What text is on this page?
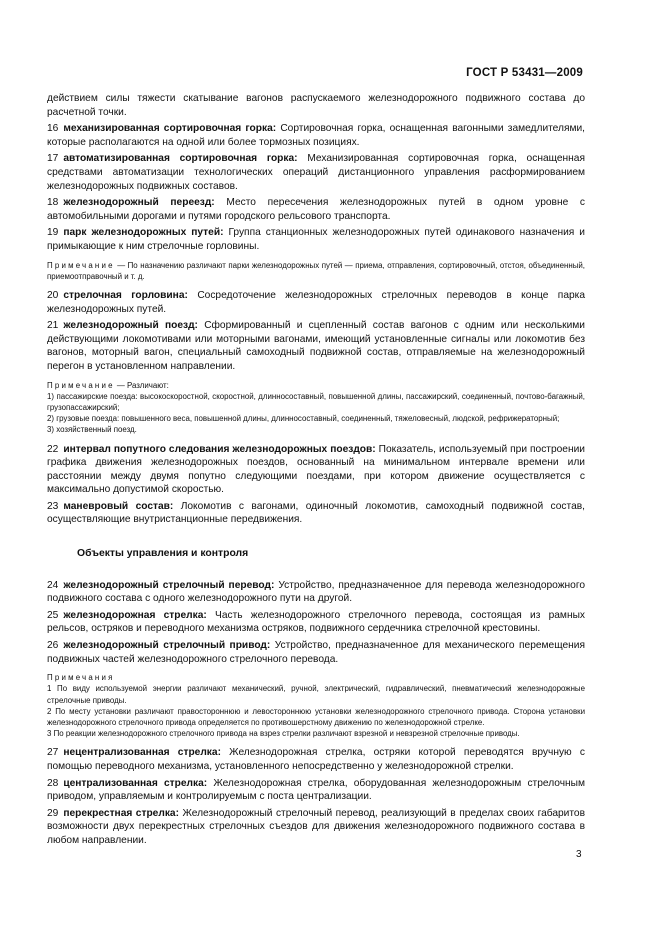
ГОСТ Р 53431—2009

действием силы тяжести скатывание вагонов распускаемого железнодорожного подвижного состава до расчетной точки.

16 механизированная сортировочная горка: Сортировочная горка, оснащенная вагонными замедлителями, которые располагаются на одной или более тормозных позициях.

17 автоматизированная сортировочная горка: Механизированная сортировочная горка, оснащенная средствами автоматизации технологических операций дистанционного управления расформированием железнодорожных подвижных составов.

18 железнодорожный переезд: Место пересечения железнодорожных путей в одном уровне с автомобильными дорогами и путями городского рельсового транспорта.

19 парк железнодорожных путей: Группа станционных железнодорожных путей одинакового назначения и примыкающие к ним стрелочные горловины.

Примечание — По назначению различают парки железнодорожных путей — приема, отправления, сортировочный, отстоя, объединенный, приемоотправочный и т. д.

20 стрелочная горловина: Сосредоточение железнодорожных стрелочных переводов в конце парка железнодорожных путей.

21 железнодорожный поезд: Сформированный и сцепленный состав вагонов с одним или несколькими действующими локомотивами или моторными вагонами, имеющий установленные сигналы или локомотив без вагонов, моторный вагон, специальный самоходный подвижной состав, отправляемые на железнодорожный перегон в установленном направлении.

Примечание — Различают:
1) пассажирские поезда: высокоскоростной, скоростной, длинносоставный, повышенной длины, пассажирский, соединенный, почтово-багажный, грузопассажирский;
2) грузовые поезда: повышенного веса, повышенной длины, длинносоставный, соединенный, тяжеловесный, людской, рефрижераторный;
3) хозяйственный поезд.

22 интервал попутного следования железнодорожных поездов: Показатель, используемый при построении графика движения железнодорожных поездов, основанный на минимальном интервале времени или расстоянии между двумя попутно следующими поездами, при котором движение осуществляется с максимально допустимой скоростью.

23 маневровый состав: Локомотив с вагонами, одиночный локомотив, самоходный подвижной состав, осуществляющие внутристанционные передвижения.

Объекты управления и контроля

24 железнодорожный стрелочный перевод: Устройство, предназначенное для перевода железнодорожного подвижного состава с одного железнодорожного пути на другой.

25 железнодорожная стрелка: Часть железнодорожного стрелочного перевода, состоящая из рамных рельсов, остряков и переводного механизма остряков, подвижного сердечника стрелочной крестовины.

26 железнодорожный стрелочный привод: Устройство, предназначенное для механического перемещения подвижных частей железнодорожного стрелочного перевода.

Примечания
1 По виду используемой энергии различают механический, ручной, электрический, гидравлический, пневматический железнодорожные стрелочные приводы.
2 По месту установки различают правостороннюю и левостороннюю установки железнодорожного стрелочного привода. Сторона установки железнодорожного стрелочного привода определяется по противошерстному движению по железнодорожной стрелке.
3 По реакции железнодорожного стрелочного привода на взрез стрелки различают взрезной и невзрезной стрелочные приводы.

27 нецентрализованная стрелка: Железнодорожная стрелка, остряки которой переводятся вручную с помощью переводного механизма, установленного непосредственно у железнодорожной стрелки.

28 централизованная стрелка: Железнодорожная стрелка, оборудованная железнодорожным стрелочным приводом, управляемым и контролируемым с поста централизации.

29 перекрестная стрелка: Железнодорожный стрелочный перевод, реализующий в пределах своих габаритов возможности двух перекрестных стрелочных съездов для движения железнодорожного подвижного состава в любом направлении.

3
